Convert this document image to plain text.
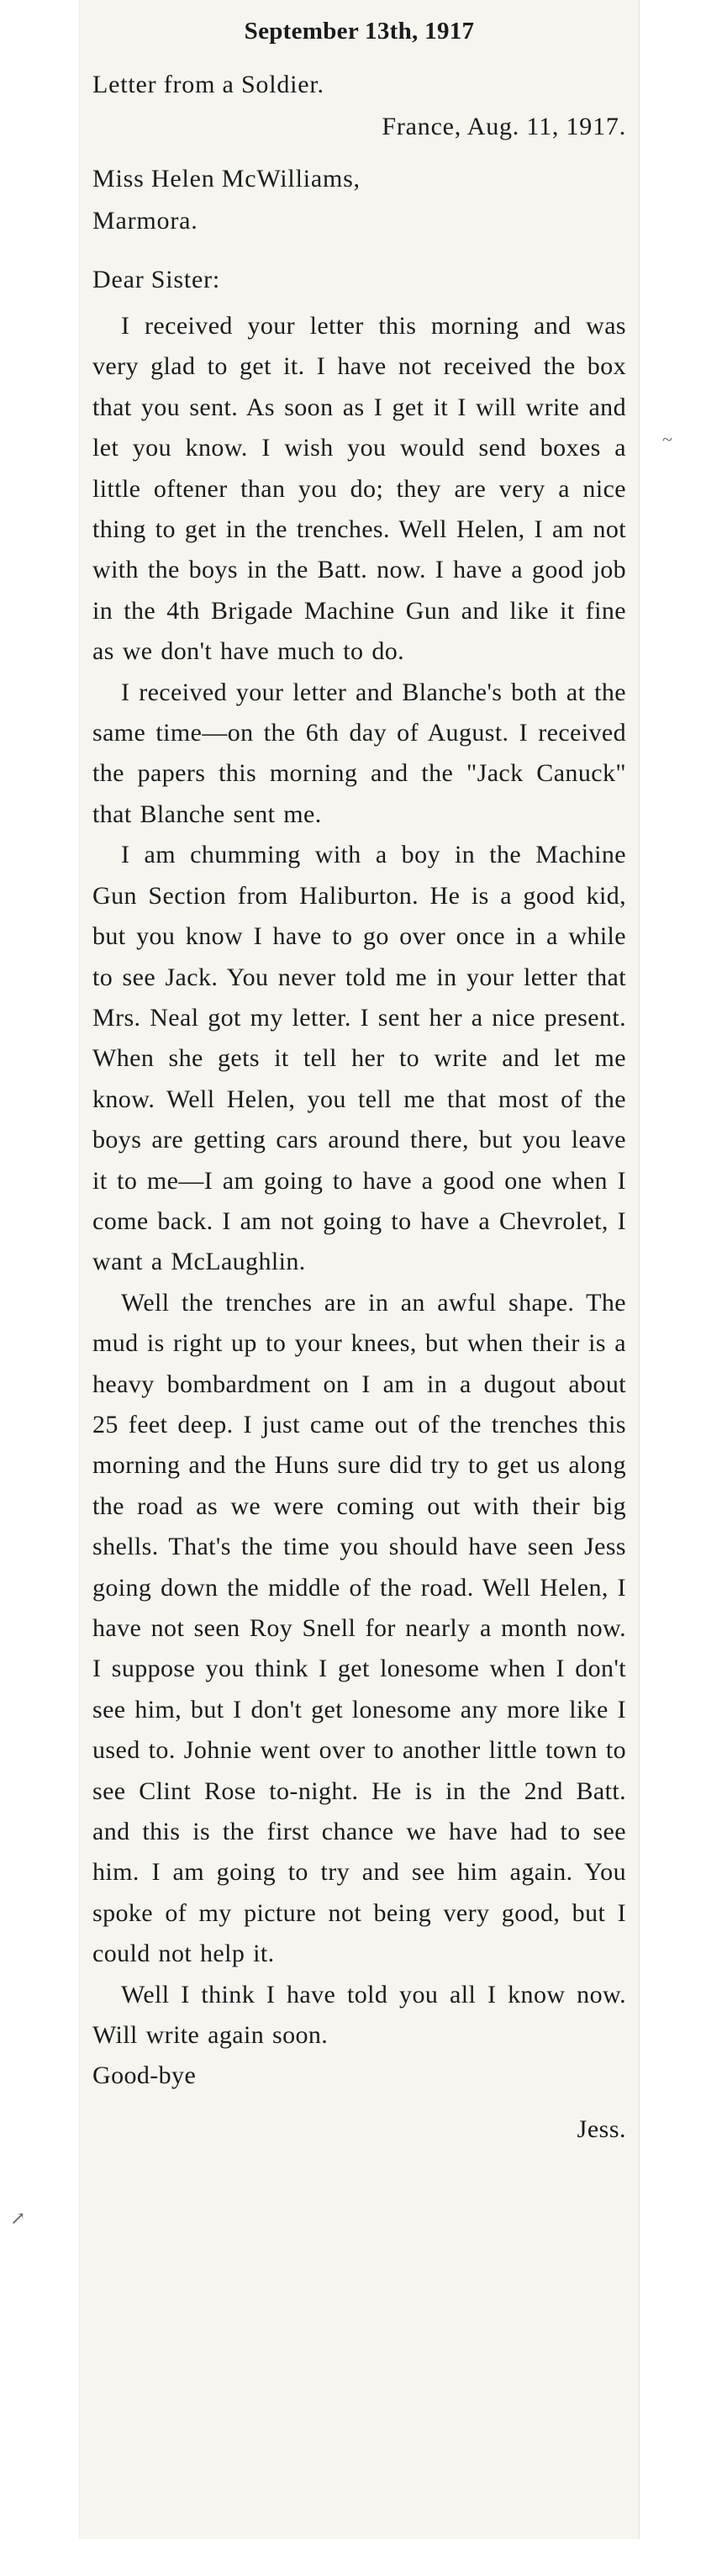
September 13th, 1917
Letter from a Soldier.
France, Aug. 11, 1917.
Miss Helen McWilliams,
Marmora.
Dear Sister:

I received your letter this morning and was very glad to get it. I have not received the box that you sent. As soon as I get it I will write and let you know. I wish you would send boxes a little oftener than you do; they are very a nice thing to get in the trenches. Well Helen, I am not with the boys in the Batt. now. I have a good job in the 4th Brigade Machine Gun and like it fine as we don't have much to do.

I received your letter and Blanche's both at the same time—on the 6th day of August. I received the papers this morning and the "Jack Canuck" that Blanche sent me.

I am chumming with a boy in the Machine Gun Section from Haliburton. He is a good kid, but you know I have to go over once in a while to see Jack. You never told me in your letter that Mrs. Neal got my letter. I sent her a nice present. When she gets it tell her to write and let me know. Well Helen, you tell me that most of the boys are getting cars around there, but you leave it to me—I am going to have a good one when I come back. I am not going to have a Chevrolet, I want a McLaughlin.

Well the trenches are in an awful shape. The mud is right up to your knees, but when their is a heavy bombardment on I am in a dugout about 25 feet deep. I just came out of the trenches this morning and the Huns sure did try to get us along the road as we were coming out with their big shells. That's the time you should have seen Jess going down the middle of the road. Well Helen, I have not seen Roy Snell for nearly a month now. I suppose you think I get lonesome when I don't see him, but I don't get lonesome any more like I used to. Johnie went over to another little town to see Clint Rose to-night. He is in the 2nd Batt. and this is the first chance we have had to see him. I am going to try and see him again. You spoke of my picture not being very good, but I could not help it.

Well I think I have told you all I know now. Will write again soon.

Good-bye
Jess.
~
↗
